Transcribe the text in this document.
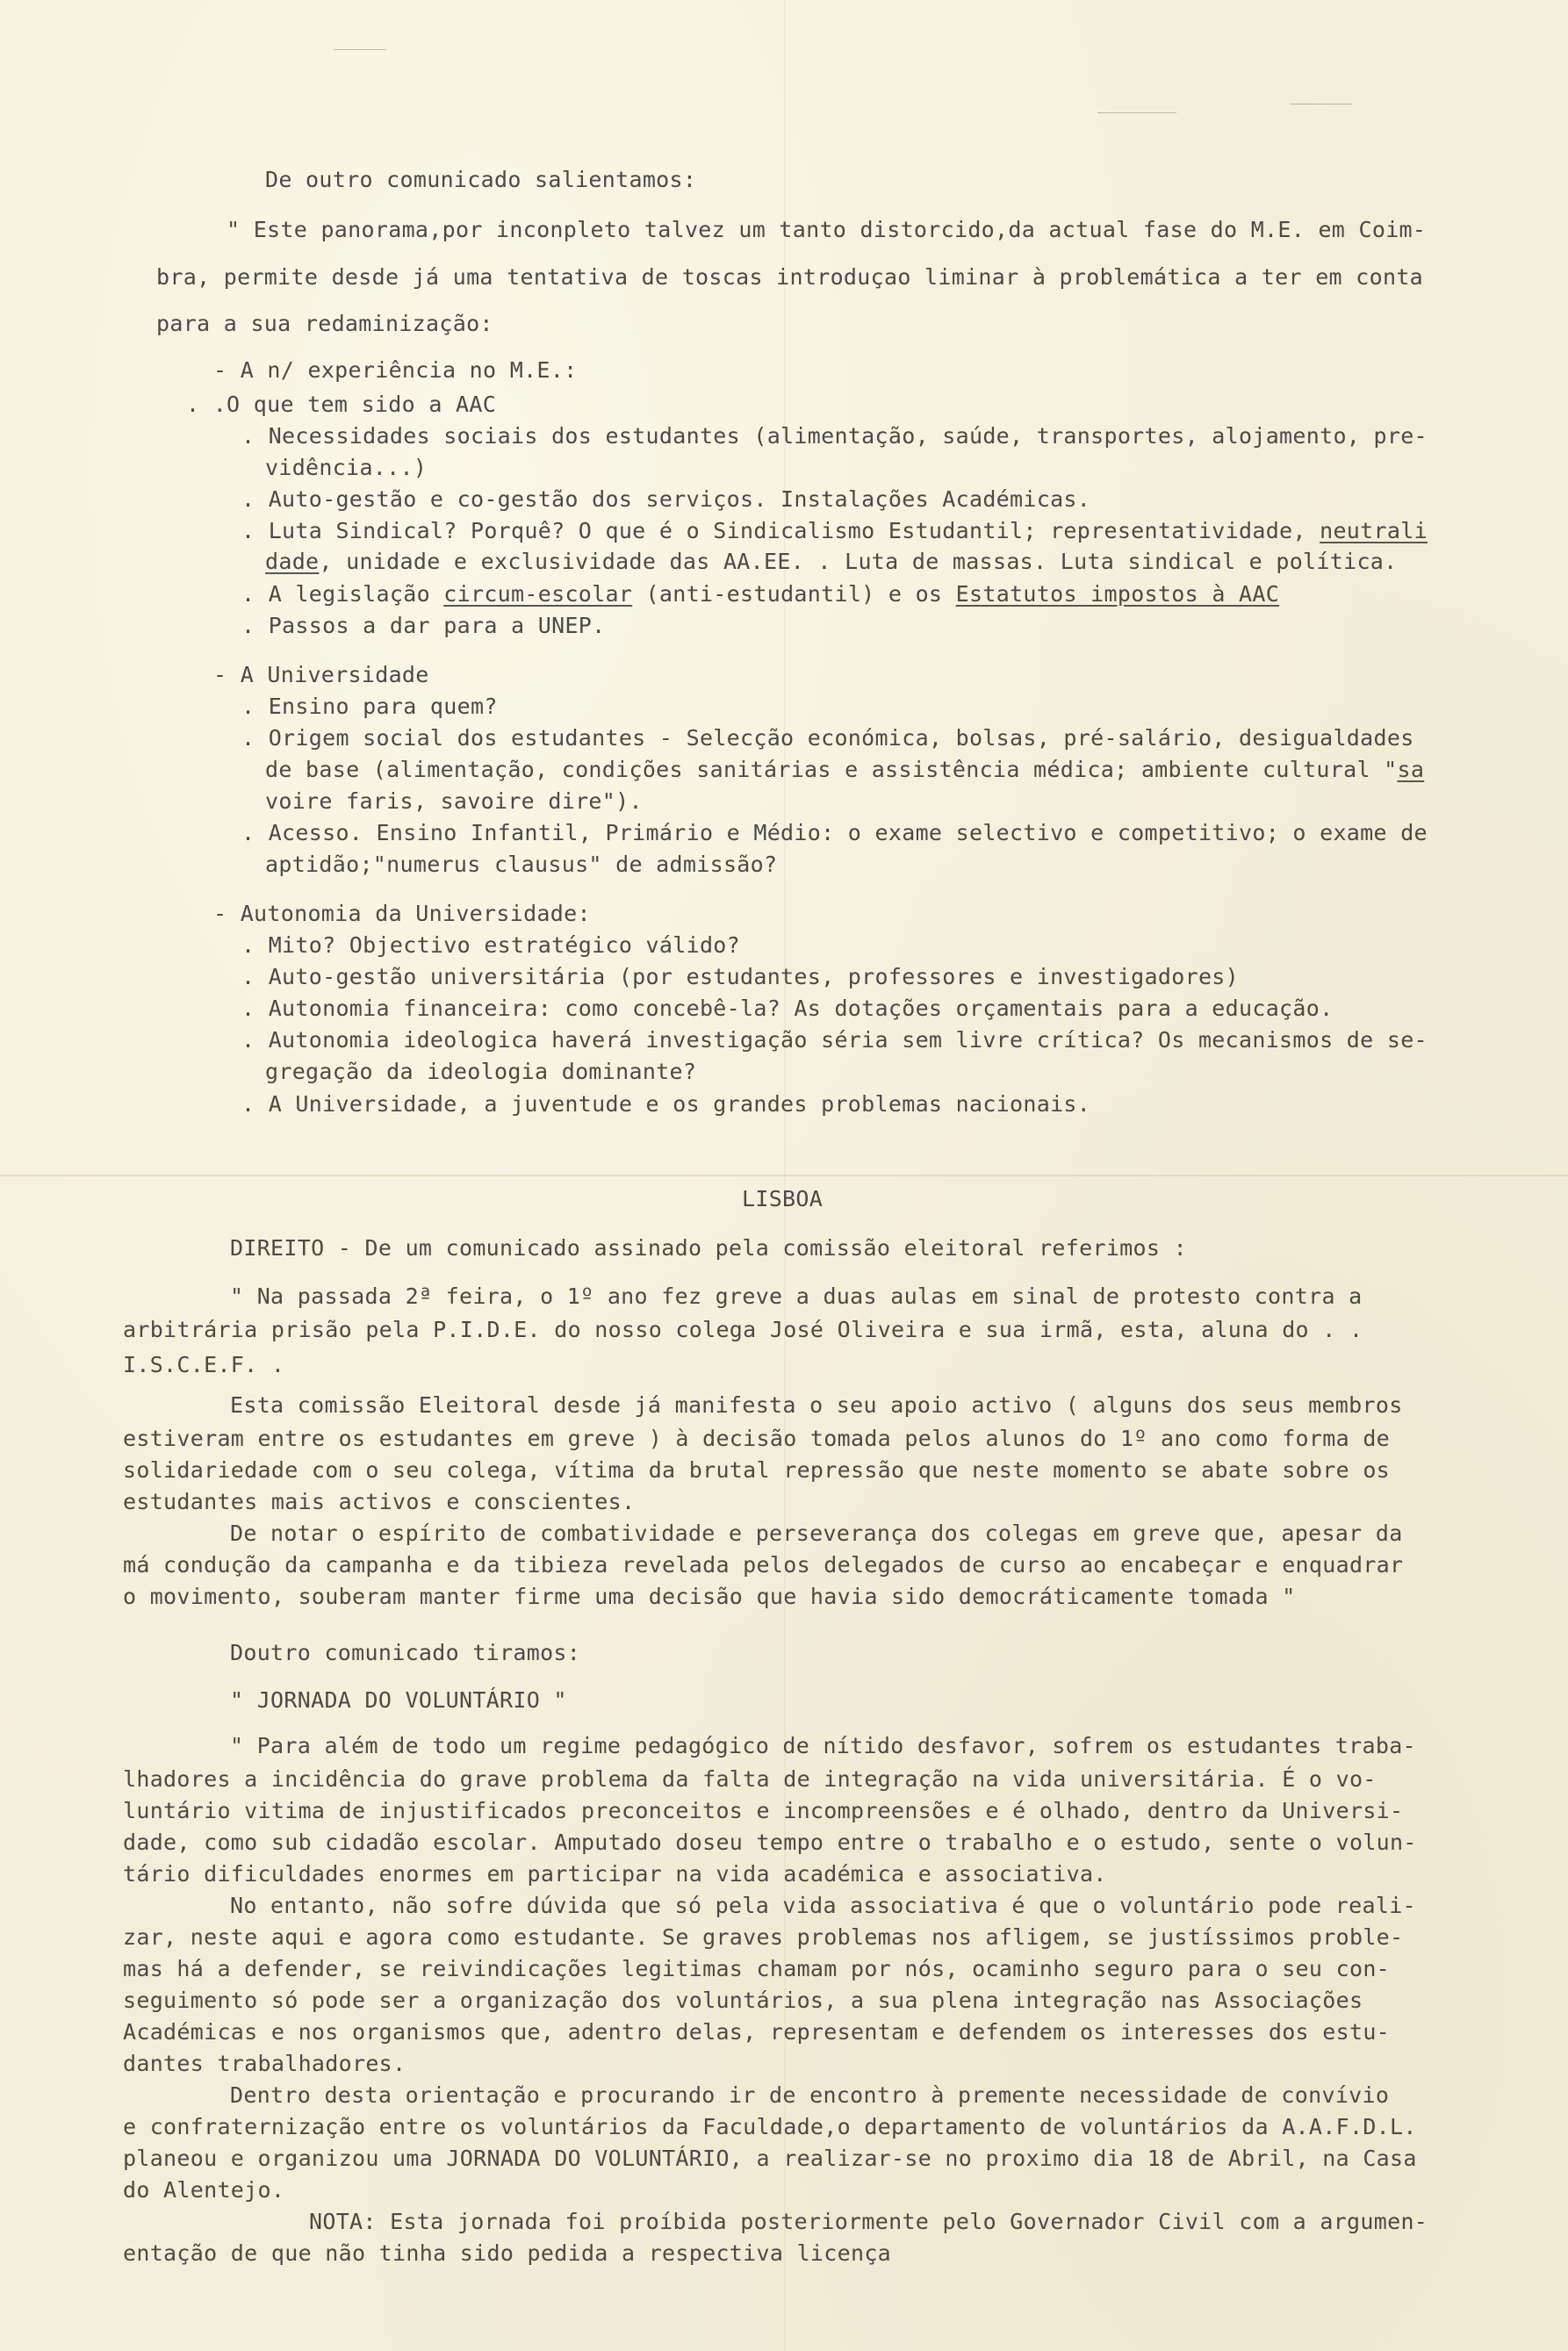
De outro comunicado salientamos:
" Este panorama,por inconpleto talvez um tanto distorcido,da actual fase do M.E. em Coim-
bra, permite desde já uma tentativa de toscas introduçao liminar à problemática a ter em conta
para a sua redaminização:
- A n/ experiência no M.E.:
. .O que tem sido a AAC
. Necessidades sociais dos estudantes (alimentação, saúde, transportes, alojamento, pre-
vidência...)
. Auto-gestão e co-gestão dos serviços. Instalações Académicas.
. Luta Sindical? Porquê? O que é o Sindicalismo Estudantil; representatividade, neutrali
dade, unidade e exclusividade das AA.EE. . Luta de massas. Luta sindical e política.
. A legislação circum-escolar (anti-estudantil) e os Estatutos impostos à AAC
. Passos a dar para a UNEP.
- A Universidade
. Ensino para quem?
. Origem social dos estudantes - Selecção económica, bolsas, pré-salário, desigualdades
de base (alimentação, condições sanitárias e assistência médica; ambiente cultural "sa
voire faris, savoire dire").
. Acesso. Ensino Infantil, Primário e Médio: o exame selectivo e competitivo; o exame de
aptidão;"numerus clausus" de admissão?
- Autonomia da Universidade:
. Mito? Objectivo estratégico válido?
. Auto-gestão universitária (por estudantes, professores e investigadores)
. Autonomia financeira: como concebê-la? As dotações orçamentais para a educação.
. Autonomia ideologica haverá investigação séria sem livre crítica? Os mecanismos de se-
gregação da ideologia dominante?
. A Universidade, a juventude e os grandes problemas nacionais.
LISBOA
DIREITO - De um comunicado assinado pela comissão eleitoral referimos :
" Na passada 2ª feira, o 1º ano fez greve a duas aulas em sinal de protesto contra a
arbitrária prisão pela P.I.D.E. do nosso colega José Oliveira e sua irmã, esta, aluna do . .
I.S.C.E.F. .
Esta comissão Eleitoral desde já manifesta o seu apoio activo ( alguns dos seus membros
estiveram entre os estudantes em greve ) à decisão tomada pelos alunos do 1º ano como forma de
solidariedade com o seu colega, vítima da brutal repressão que neste momento se abate sobre os
estudantes mais activos e conscientes.
De notar o espírito de combatividade e perseverança dos colegas em greve que, apesar da
má condução da campanha e da tibieza revelada pelos delegados de curso ao encabeçar e enquadrar
o movimento, souberam manter firme uma decisão que havia sido democráticamente tomada "
Doutro comunicado tiramos:
" JORNADA DO VOLUNTÁRIO "
" Para além de todo um regime pedagógico de nítido desfavor, sofrem os estudantes traba-
lhadores a incidência do grave problema da falta de integração na vida universitária. É o vo-
luntário vitima de injustificados preconceitos e incompreensões e é olhado, dentro da Universi-
dade, como sub cidadão escolar. Amputado doseu tempo entre o trabalho e o estudo, sente o volun-
tário dificuldades enormes em participar na vida académica e associativa.
No entanto, não sofre dúvida que só pela vida associativa é que o voluntário pode reali-
zar, neste aqui e agora como estudante. Se graves problemas nos afligem, se justíssimos proble-
mas há a defender, se reivindicações legitimas chamam por nós, ocaminho seguro para o seu con-
seguimento só pode ser a organização dos voluntários, a sua plena integração nas Associações
Académicas e nos organismos que, adentro delas, representam e defendem os interesses dos estu-
dantes trabalhadores.
Dentro desta orientação e procurando ir de encontro à premente necessidade de convívio
e confraternização entre os voluntários da Faculdade,o departamento de voluntários da A.A.F.D.L.
planeou e organizou uma JORNADA DO VOLUNTÁRIO, a realizar-se no proximo dia 18 de Abril, na Casa
do Alentejo.
NOTA: Esta jornada foi proíbida posteriormente pelo Governador Civil com a argumen-
entação de que não tinha sido pedida a respectiva licença
